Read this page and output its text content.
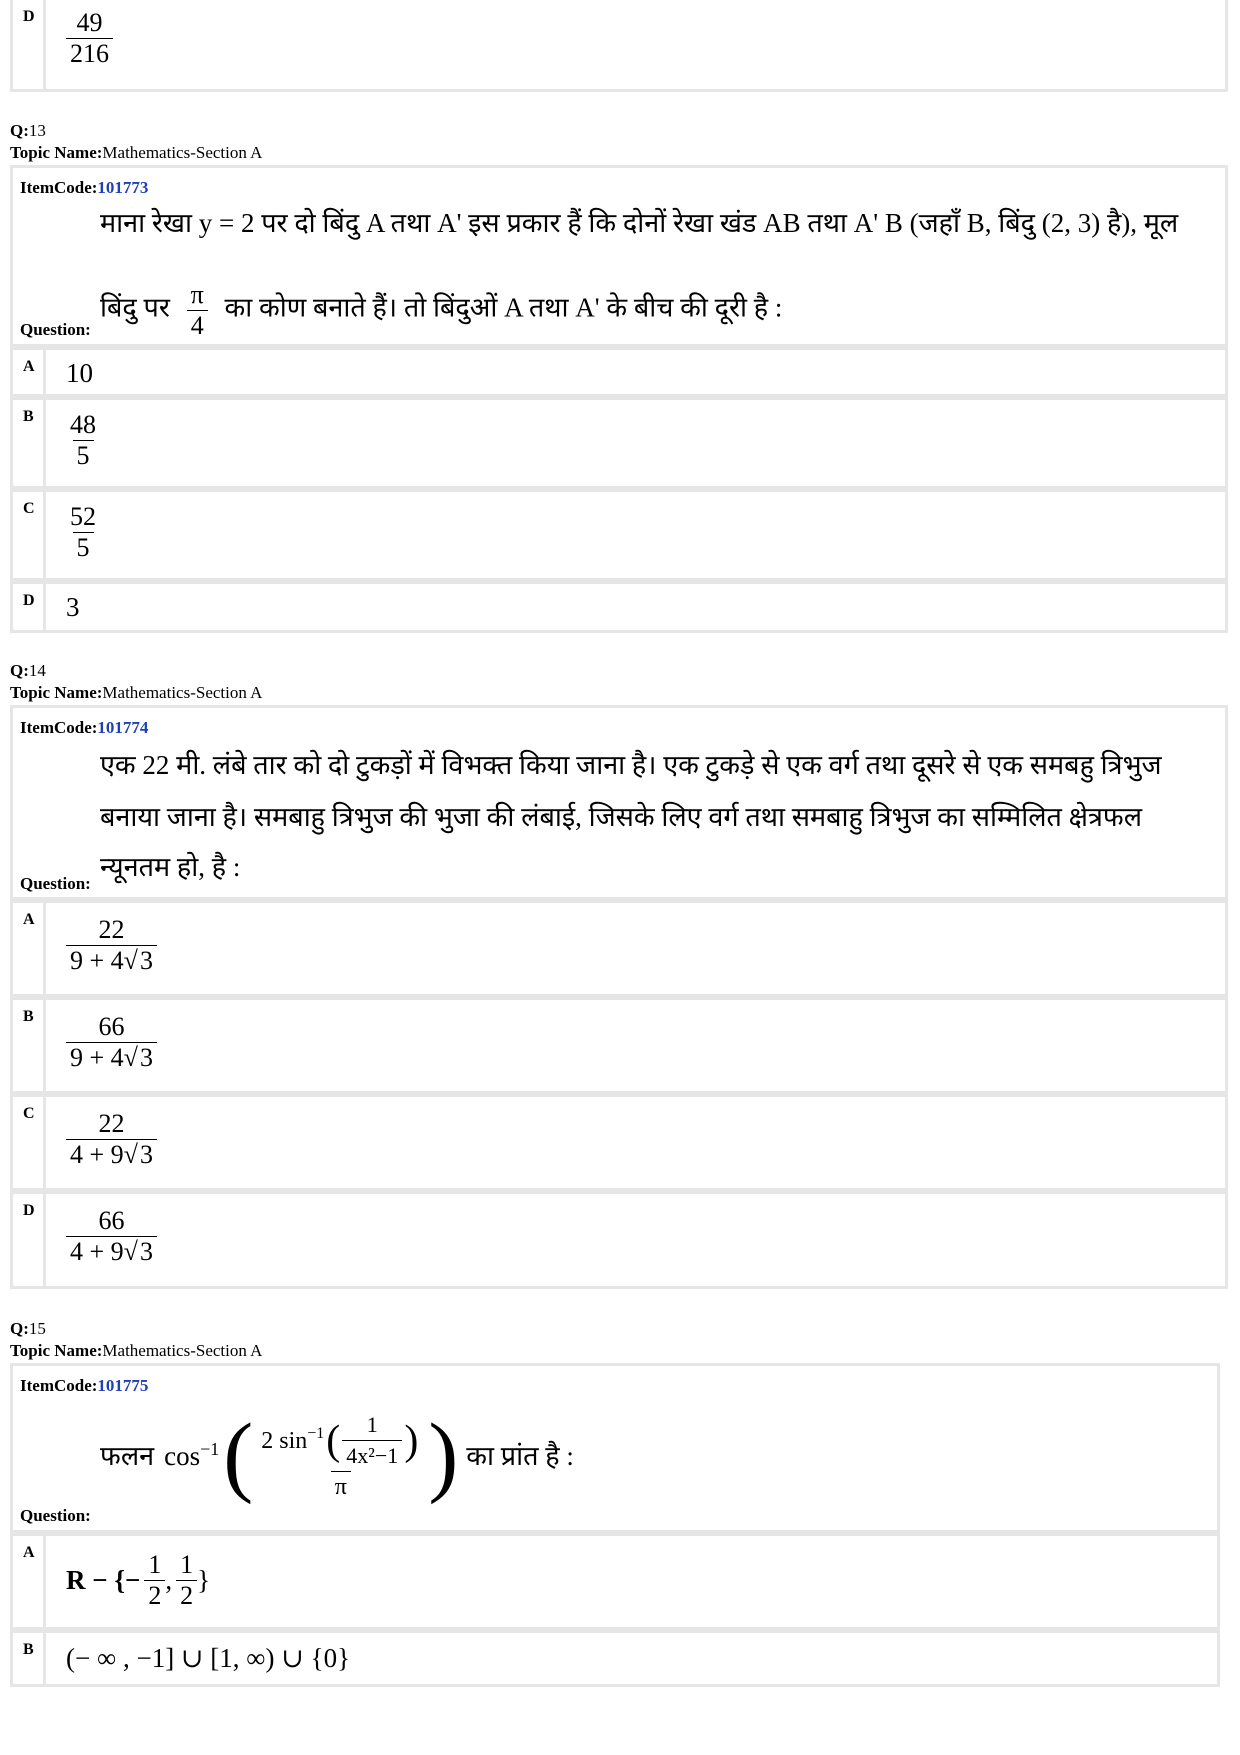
D $\frac{49}{216}$
Q:13
Topic Name:Mathematics-Section A
ItemCode:101773
माना रेखा y = 2 पर दो बिंदु A तथा A' इस प्रकार हैं कि दोनों रेखा खंड AB तथा A' B (जहाँ B, बिंदु (2, 3) है), मूल
बिंदु पर $\frac{\pi}{4}$ का कोण बनाते हैं। तो बिंदुओं A तथा A' के बीच की दूरी है :
Question:
A 10
B $\frac{48}{5}$
C $\frac{52}{5}$
D 3
Q:14
Topic Name:Mathematics-Section A
ItemCode:101774
एक 22 मी. लंबे तार को दो टुकड़ों में विभक्त किया जाना है। एक टुकड़े से एक वर्ग तथा दूसरे से एक समबहु त्रिभुज
बनाया जाना है। समबाहु त्रिभुज की भुजा की लंबाई, जिसके लिए वर्ग तथा समबाहु त्रिभुज का सम्मिलित क्षेत्रफल
न्यूनतम हो, है :
Question:
A $\frac{22}{9 + 4√3}$
B $\frac{66}{9 + 4√3}$
C $\frac{22}{4 + 9√3}$
D $\frac{66}{4 + 9√3}$
Q:15
Topic Name:Mathematics-Section A
ItemCode:101775
फलन $\cos^{-1}$ ( $\frac{2 \sin^{-1} ( \frac{1}{\text{4x²−1}} )}{\pi}$ ) का प्रांत है :
Question:
A
R − {− $\frac{1}{2}$ , $\frac{1}{2}$ }
B (− ∞ , −1] ∪ [1, ∞) ∪ {0}
